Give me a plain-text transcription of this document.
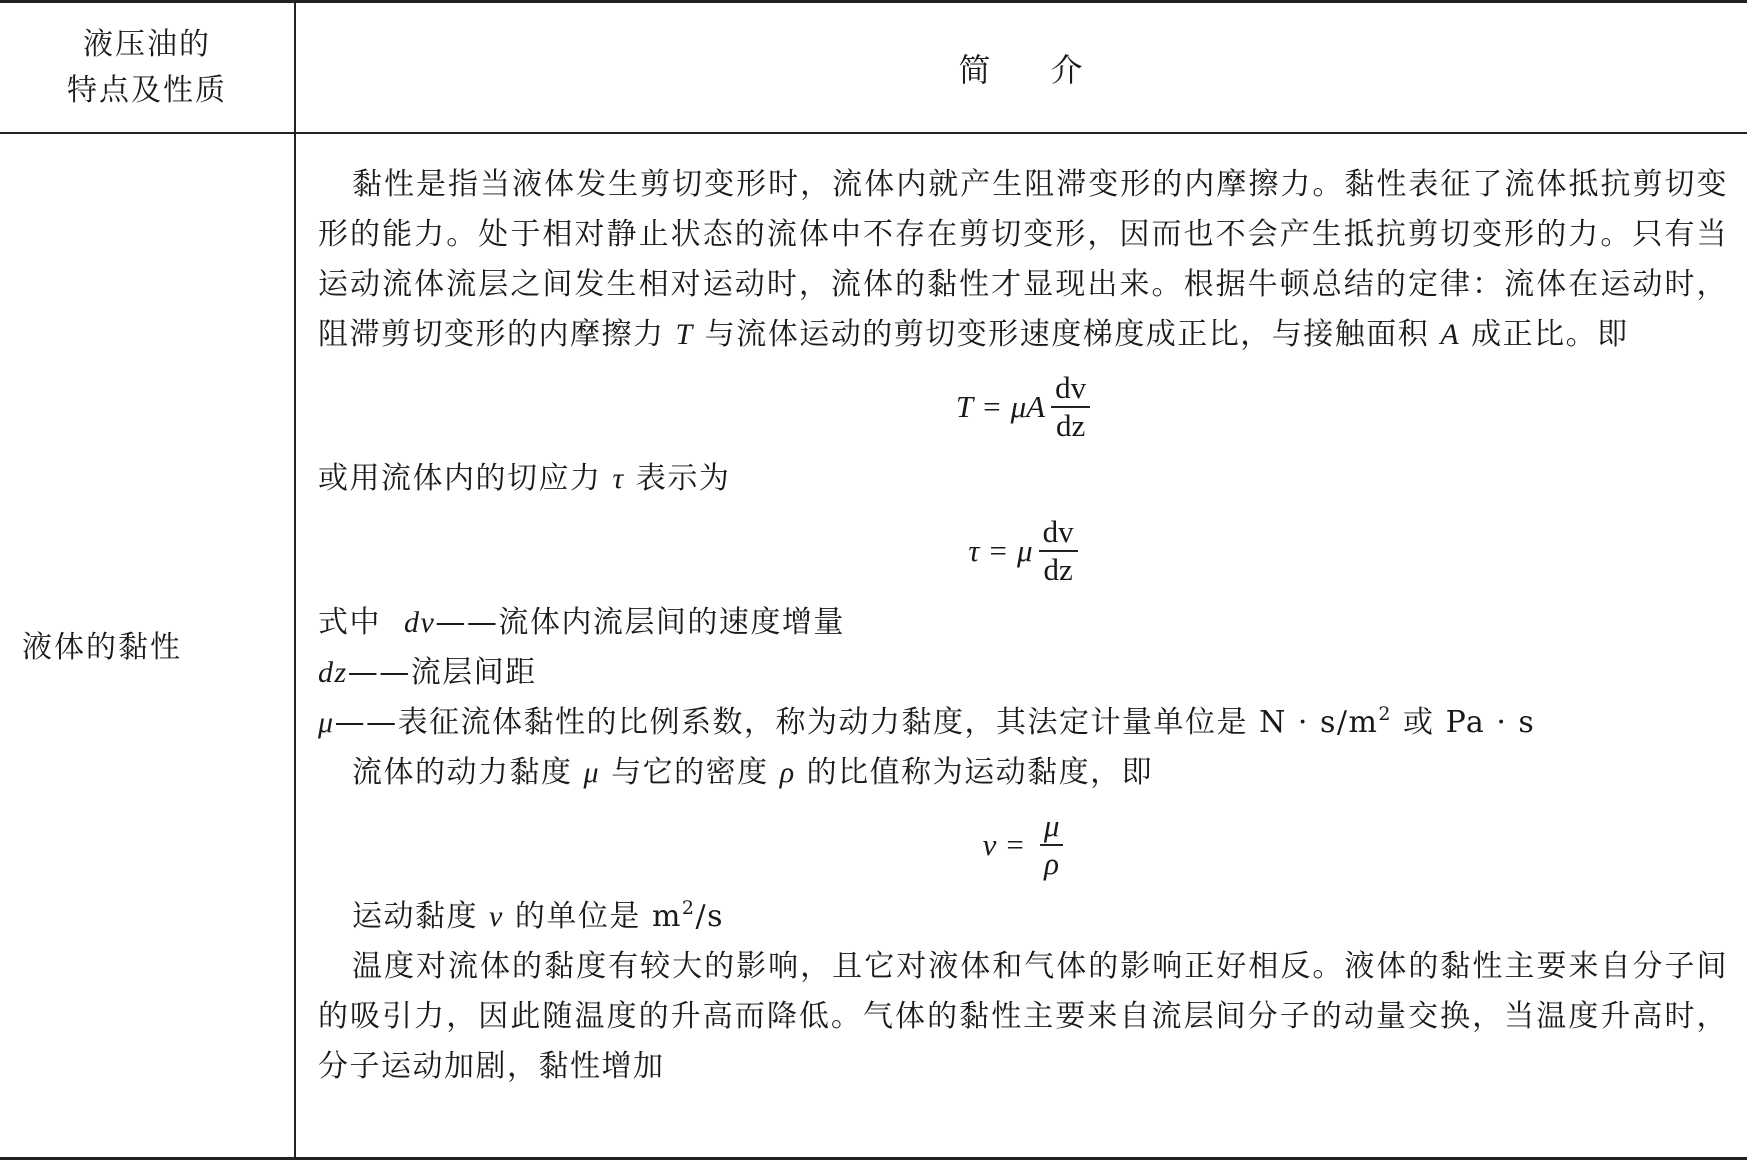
液压油的
特点及性质
简 介
液体的黏性

黏性是指当液体发生剪切变形时，流体内就产生阻滞变形的内摩擦力。黏性表征了流体抵抗剪切变形的能力。处于相对静止状态的流体中不存在剪切变形，因而也不会产生抵抗剪切变形的力。只有当运动流体流层之间发生相对运动时，流体的黏性才显现出来。根据牛顿总结的定律：流体在运动时，阻滞剪切变形的内摩擦力 T 与流体运动的剪切变形速度梯度成正比，与接触面积 A 成正比。即

T = μA $\frac{dv}{dz}$

或用流体内的切应力 τ 表示为

τ = μ $\frac{dv}{dz}$

式中 dv——流体内流层间的速度增量

dz——流层间距

μ——表征流体黏性的比例系数，称为动力黏度，其法定计量单位是 $N \cdot s/m^2$ 或 Pa · s

流体的动力黏度 μ 与它的密度 ρ 的比值称为运动黏度，即

$\nu = \frac{\mu}{\rho}$

运动黏度 ν 的单位是 $m^2/s$

温度对流体的黏度有较大的影响，且它对液体和气体的影响正好相反。液体的黏性主要来自分子间的吸引力，因此随温度的升高而降低。气体的黏性主要来自流层间分子的动量交换，当温度升高时，分子运动加剧，黏性增加
